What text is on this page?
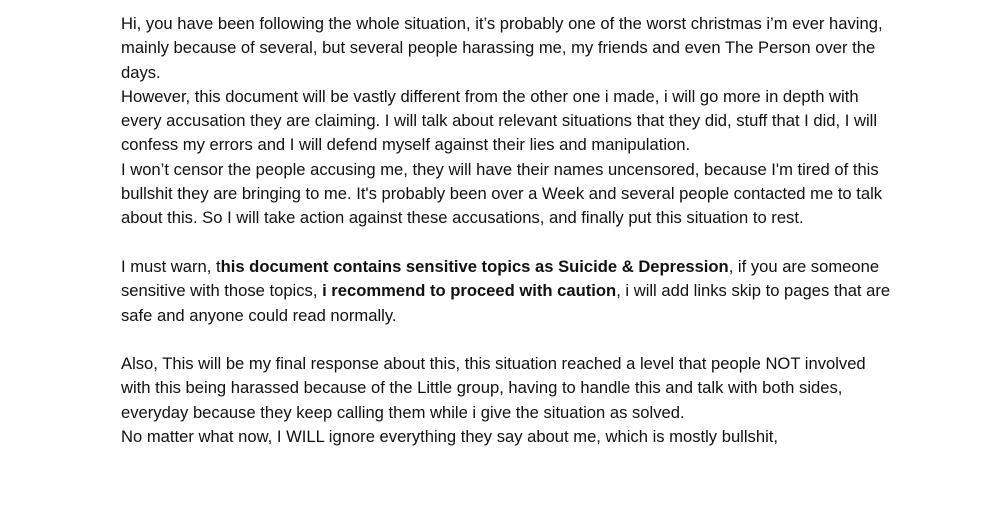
Hi, you have been following the whole situation, it’s probably one of the worst christmas i’m ever having, mainly because of several, but several people harassing me, my friends and even The Person over the days.

However, this document will be vastly different from the other one i made, i will go more in depth with every accusation they are claiming. I will talk about relevant situations that they did, stuff that I did, I will confess my errors and I will defend myself against their lies and manipulation.

I won’t censor the people accusing me, they will have their names uncensored, because I'm tired of this bullshit they are bringing to me. It's probably been over a Week and several people contacted me to talk about this. So I will take action against these accusations, and finally put this situation to rest.

I must warn, this document contains sensitive topics as Suicide & Depression, if you are someone sensitive with those topics, i recommend to proceed with caution, i will add links skip to pages that are safe and anyone could read normally.

Also, This will be my final response about this, this situation reached a level that people NOT involved with this being harassed because of the Little group, having to handle this and talk with both sides, everyday because they keep calling them while i give the situation as solved.

No matter what now, I WILL ignore everything they say about me, which is mostly bullshit,
